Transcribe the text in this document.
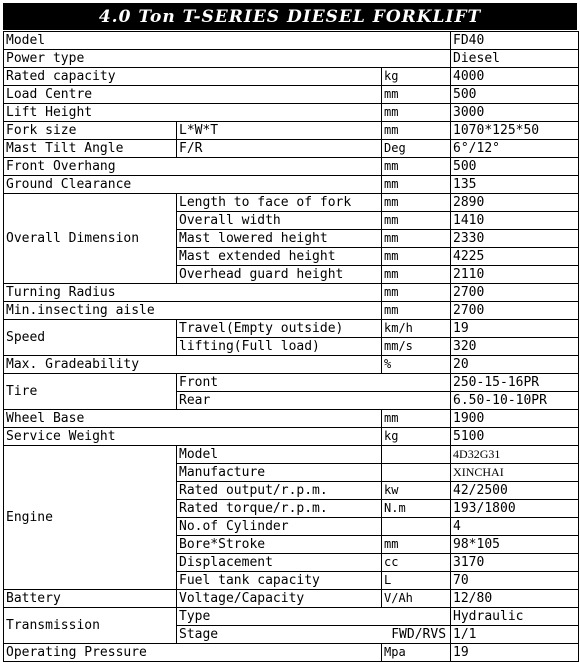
4.0 Ton T-SERIES DIESEL FORKLIFT
Model			FD40
Power type			Diesel
Rated capacity		kg	4000
Load Centre		mm	500
Lift Height		mm	3000
Fork size	L*W*T	mm	1070*125*50
Mast Tilt Angle	F/R	Deg	6°/12°
Front Overhang		mm	500
Ground Clearance		mm	135
Overall Dimension	Length to face of fork	mm	2890
	Overall width	mm	1410
	Mast lowered height	mm	2330
	Mast extended height	mm	4225
	Overhead guard height	mm	2110
Turning Radius		mm	2700
Min.insecting aisle		mm	2700
Speed	Travel(Empty outside)	km/h	19
	lifting(Full load)	mm/s	320
Max. Gradeability		%	20
Tire	Front		250-15-16PR
	Rear		6.50-10-10PR
Wheel Base		mm	1900
Service Weight		kg	5100
Engine	Model		4D32G31
	Manufacture		XINCHAI
	Rated output/r.p.m.	kw	42/2500
	Rated torque/r.p.m.	N.m	193/1800
	No.of Cylinder		4
	Bore*Stroke	mm	98*105
	Displacement	cc	3170
	Fuel tank capacity	L	70
Battery	Voltage/Capacity	V/Ah	12/80
Transmission	Type		Hydraulic
	Stage FWD/RVS		1/1
Operating Pressure		Mpa	19
